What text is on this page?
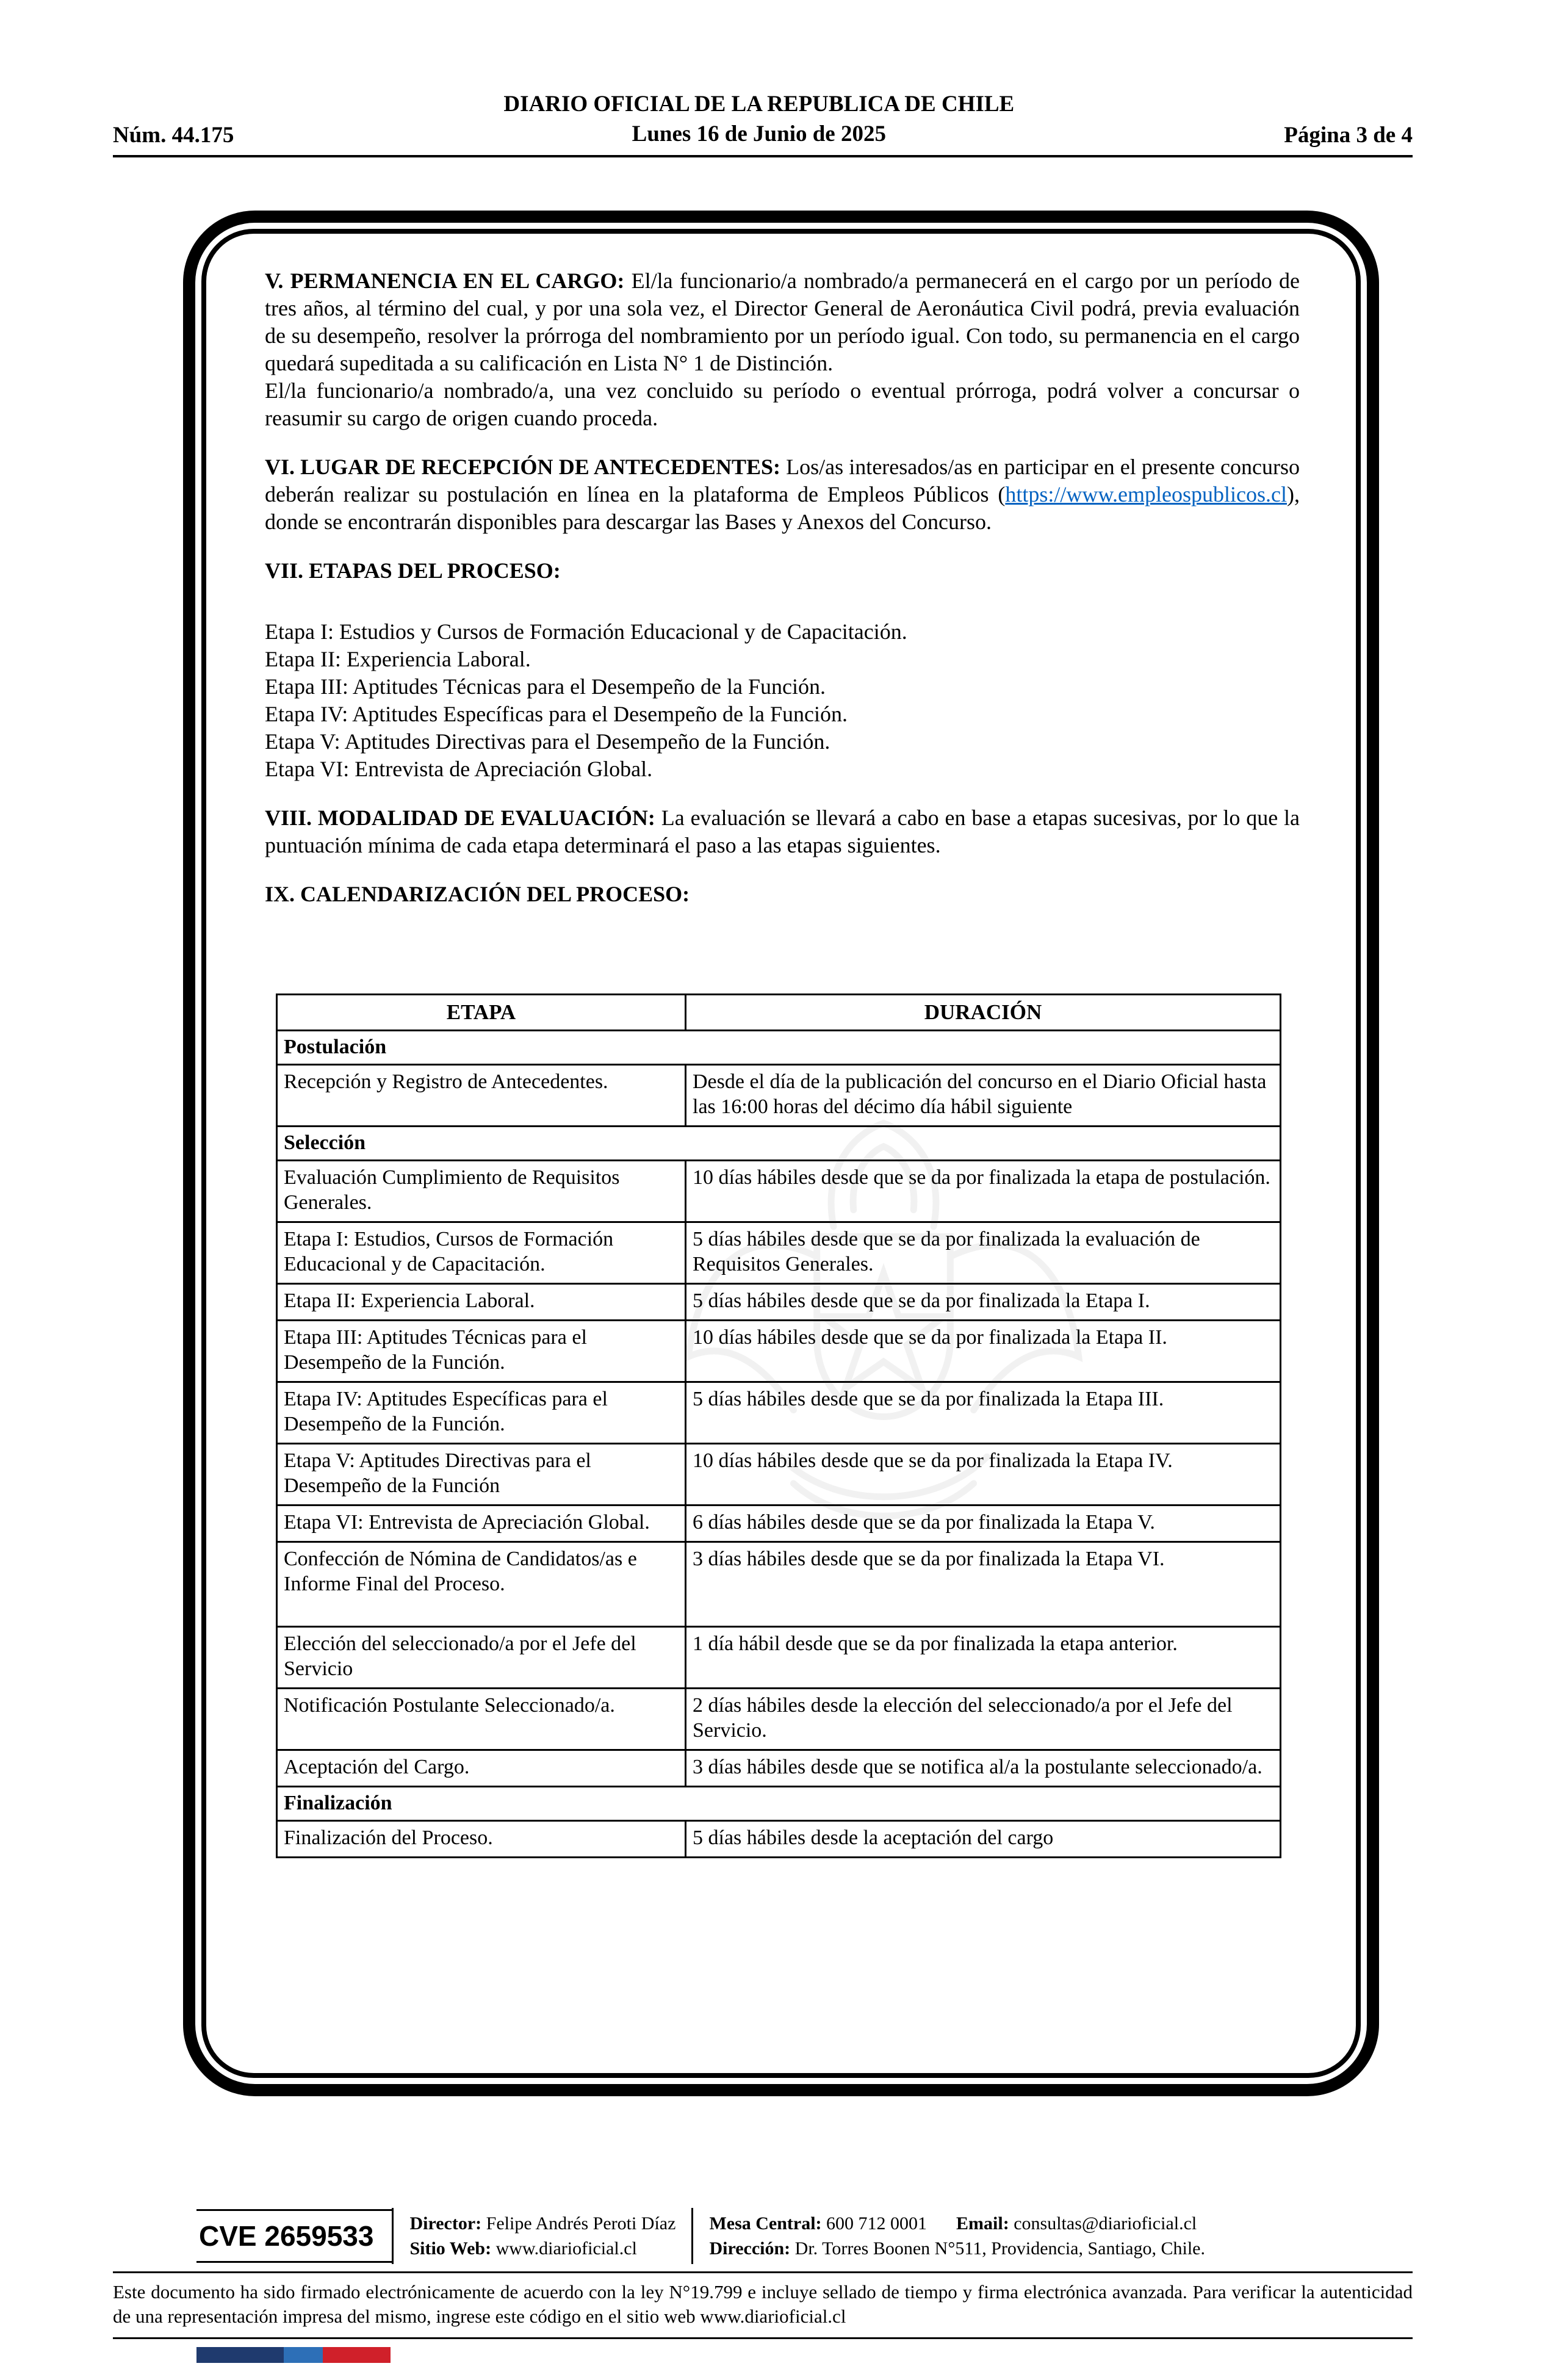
Núm. 44.175
DIARIO OFICIAL DE LA REPUBLICA DE CHILE
Lunes 16 de Junio de 2025	Página 3 de 4

V. PERMANENCIA EN EL CARGO: El/la funcionario/a nombrado/a permanecerá en el cargo por un período de tres años, al término del cual, y por una sola vez, el Director General de Aeronáutica Civil podrá, previa evaluación de su desempeño, resolver la prórroga del nombramiento por un período igual. Con todo, su permanencia en el cargo quedará supeditada a su calificación en Lista N° 1 de Distinción.

El/la funcionario/a nombrado/a, una vez concluido su período o eventual prórroga, podrá volver a concursar o reasumir su cargo de origen cuando proceda.

VI. LUGAR DE RECEPCIÓN DE ANTECEDENTES: Los/as interesados/as en participar en el presente concurso deberán realizar su postulación en línea en la plataforma de Empleos Públicos (https://www.empleospublicos.cl), donde se encontrarán disponibles para descargar las Bases y Anexos del Concurso.

VII. ETAPAS DEL PROCESO:
Etapa I: Estudios y Cursos de Formación Educacional y de Capacitación.
Etapa II: Experiencia Laboral.
Etapa III: Aptitudes Técnicas para el Desempeño de la Función.
Etapa IV: Aptitudes Específicas para el Desempeño de la Función.
Etapa V: Aptitudes Directivas para el Desempeño de la Función.
Etapa VI: Entrevista de Apreciación Global.

VIII. MODALIDAD DE EVALUACIÓN: La evaluación se llevará a cabo en base a etapas sucesivas, por lo que la puntuación mínima de cada etapa determinará el paso a las etapas siguientes.

IX. CALENDARIZACIÓN DEL PROCESO:
ETAPA	DURACIÓN
Postulación	
Recepción y Registro de Antecedentes.	Desde el día de la publicación del concurso en el Diario Oficial hasta las 16:00 horas del décimo día hábil siguiente
Selección	
Evaluación Cumplimiento de Requisitos Generales.	10 días hábiles desde que se da por finalizada la etapa de postulación.
Etapa I: Estudios, Cursos de Formación Educacional y de Capacitación.	5 días hábiles desde que se da por finalizada la evaluación de Requisitos Generales.
Etapa II: Experiencia Laboral.	5 días hábiles desde que se da por finalizada la Etapa I.
Etapa III: Aptitudes Técnicas para el Desempeño de la Función.	10 días hábiles desde que se da por finalizada la Etapa II.
Etapa IV: Aptitudes Específicas para el Desempeño de la Función.	5 días hábiles desde que se da por finalizada la Etapa III.
Etapa V: Aptitudes Directivas para el Desempeño de la Función	10 días hábiles desde que se da por finalizada la Etapa IV.
Etapa VI: Entrevista de Apreciación Global.	6 días hábiles desde que se da por finalizada la Etapa V.
Confección de Nómina de Candidatos/as e Informe Final del Proceso.	3 días hábiles desde que se da por finalizada la Etapa VI.
Elección del seleccionado/a por el Jefe del Servicio	1 día hábil desde que se da por finalizada la etapa anterior.
Notificación Postulante Seleccionado/a.	2 días hábiles desde la elección del seleccionado/a por el Jefe del Servicio.
Aceptación del Cargo.	3 días hábiles desde que se notifica al/a la postulante seleccionado/a.
Finalización	
Finalización del Proceso.	5 días hábiles desde la aceptación del cargo
CVE 2659533	Director: Felipe Andrés Peroti Díaz
Sitio Web: www.diarioficial.cl
Mesa Central: 600 712 0001 Email: consultas@diarioficial.cl
Dirección: Dr. Torres Boonen N°511, Providencia, Santiago, Chile.

Este documento ha sido firmado electrónicamente de acuerdo con la ley N°19.799 e incluye sellado de tiempo y firma electrónica avanzada. Para verificar la autenticidad de una representación impresa del mismo, ingrese este código en el sitio web www.diarioficial.cl
